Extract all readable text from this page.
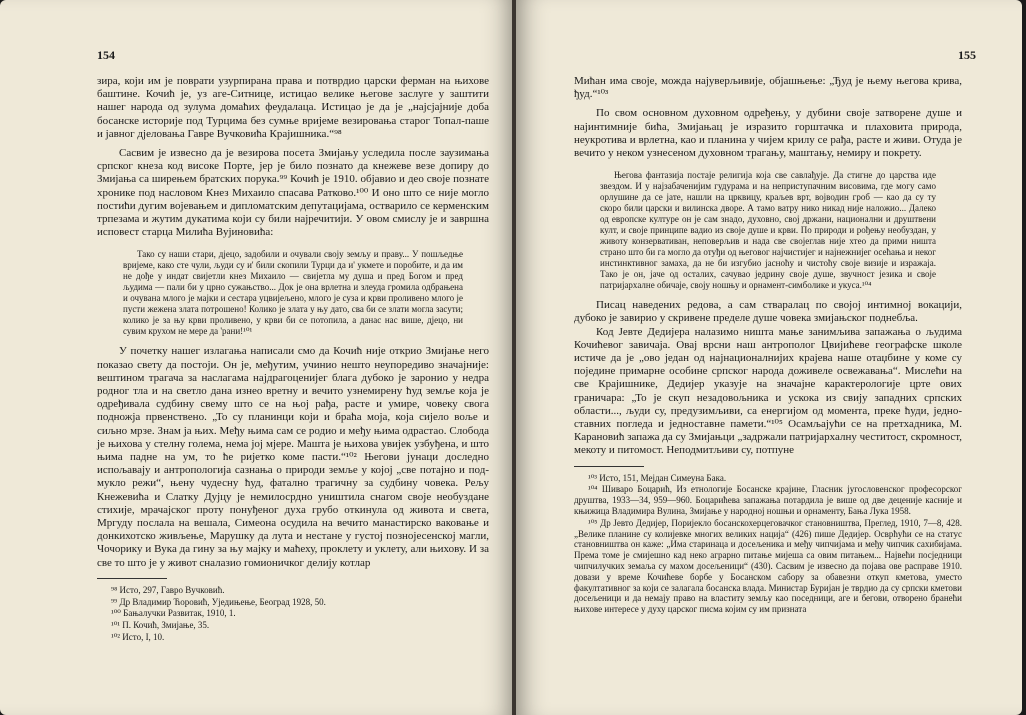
154

зира, који им је поврати узурпирана права и потврдио царски ферман на њихове баштине. Кочић је, уз аге-Ситнице, истицао велике његове заслуге у заштити нашег народа од зулума домаћих феудалаца. Истицао је да је „најсјајније доба босанске историје под Турцима без сумње вријеме везировања старог Топал-паше и јавног дјеловања Гаврe Вучковића Крајишника.“⁹⁸

Сасвим је извесно да је везирова посета Змијању уследила после заузимања српског кнеза код високе Порте, јер је било познато да кнежеве везе допиру до Змијања са ширењем братских порука.⁹⁹ Кочић је 1910. објавио и део своје познате хронике под насловом Кнез Михаило спасава Ратково.¹⁰⁰ И оно што се није могло постићи дугим војевањем и дипломатским депутацијама, остварило се керменским трпезама и жутим дукатима који су били најречитији. У овом смислу је и завршна исповест старца Милића Вујиновића:

Тако су наши стари, дјецо, задобили и очували своју земљу и праву... У пошљедње вријеме, како сте чули, људи су и' били скопили Турци да и' укмете и поробите, и да им не дође у индат свијетли кнез Михаило — свијетла му душа и пред Богом и пред људима — пали би у црно сужањство... Док је она врлетна и злеуда громила одбрањена и очувана млого је мајки и сестара уцвијељено, млого је суза и крви проливено млого је пусти жежена злата потрошено! Колико је злата у њу дато, сва би се злати могла засути; колико је за њу крви проливено, у крви би се потопила, а данас нас више, дјецо, ни сувим крухом не мере да 'рани!¹⁰¹

У почетку нашег излагања написали смо да Кочић није открио Змијање него показао свету да постоји. Он је, међутим, учинио нешто неупоредиво значајније: вештином трагача за наслагама најдрагоценијег блага дубоко је заронио у недра родног тла и на светло дана изнео вретну и вечито узнемирену ћуд земље која је одређивала судбину свему што се на њој рађа, расте и умире, човеку свога подножја првенствено. „То су планинци који и браћа моја, која сијело вољe и сиљно мрзе. Знам ја њих. Међу њима сам се родио и међу њима одрастао. Слобода је њихова у стелну голема, нема јој мјере. Машта је њихова увијек узбуђена, и што њима падне на ум, то ће ријетко коме пасти.“¹⁰² Његови јунаци доследно испољавају и антропологија сазнања о природи земље у којој „све потајно и подмукло режи“, њену чудесну ћуд, фатално трагичну за судбину човека. Рељу Кнежевића и Слатку Дујцу је немилосрдно уништила снагом своје необуздане стихије, мрачајског проту понуђеног духа грубо откинула од живота и света, Мргуду послала на вешала, Симеона осудила на вечито манастирско ваковање и донкихотско живљење, Марушку да лута и нестане у густој позноjесенској магли, Чочорику и Вука да гину за њу мајку и маћеху, проклету и уклету, али њихову. И за све то што је у живот сналазио гомионичког делију котлар

⁹⁸ Исто, 297, Гавро Вучковић.

⁹⁹ Др Владимир Ћоровић, Уједињење, Београд 1928, 50.

¹⁰⁰ Бањалучки Развитак, 1910, 1.

¹⁰¹ П. Кочић, Змијање, 35.

¹⁰² Исто, I, 10.

155

Мићан има своје, можда најуверљивије, објашњење: „Ђуд је њему његова крива, ђуд.“¹⁰³

По свом основном духовном одређењу, у дубини своје затворене душе и најинтимније бића, Змијањац је изразито горштачка и плаховита природа, неукротива и врлетна, као и планина у чијем крилу се рађа, расте и живи. Отуда је вечито у неком узнесеном духовном трагању, маштању, немиру и покрету.

Његова фантазија постаје религија која све савлађује. Да стигне до царства иде звездом. И у најзабаченијим гудурама и на неприступачним висовима, где могу само орлушине да се јате, нашли на црквицу, краљев врт, војводин гроб — као да су ту скоро били царски и вилинска дворе. А тамо ватру нико никад није наложио... Далеко од европске културе он је сам знадо, духовно, свој држани, национални и друштвени култ, и своје принципе вадио из своје душе и крви. По природи и рођењу необуздан, у животу конзервативан, неповерљив и нада све својеглав није хтео да прими ништа страно што би га могло да отуђи од његовог најчистијег и најнежнијег осећања и неког инстинктивног замаха, да не би изгубио јасноћу и чистоћу своје визије и изражаја. Тако је он, јаче од осталих, сачувао једрину своје душе, звучност језика и своје патријархалне обичаје, своју ношњу и орнамент-симболике и укуса.¹⁰⁴

Писац наведених редова, а сам стваралац по својој интимној вокацији, дубоко је завирио у скривене пределе душе човека змијањског поднебља.

Код Јевте Дедијера налазимо ништа мање занимљива запажања о људима Кочићевог завичаја. Овај врсни наш антрополог Цвијићеве географске школе истиче да је „ово један од најнационалнијих крајева наше отаџбине у коме су поједине примарне особине српског народа доживеле освежавања“. Мислећи на све Крајишнике, Дедијер указује на значајне карактерологије црте ових граничара: „То је скуп незадовољника и ускока из свију западних српских области..., људи су, предузимљиви, са енергијом од момента, преке ћуди, једноставних погледа и једноставне памети.“¹⁰⁵ Осамљајући се на претхадника, М. Карановић запажа да су Змијањци „задржали патријархалну честитост, скромност, мекоту и питомост. Неподмитљиви су, потпуне

¹⁰³ Исто, 151, Мејдан Симеуна Бака.

¹⁰⁴ Шиваро Боцарић, Из етнологије Босанске крајине, Гласник југословенског професорског друштва, 1933—34, 959—960. Боцарићева запажања потардила је више од две деценије касније и књижица Владимира Вулина, Змијање у народној ношњи и орнаменту, Бања Лука 1958.

¹⁰⁵ Др Јевто Дедијер, Поријекло босанскохерцеговачког становништва, Преглед, 1910, 7—8, 428. „Велике планине су колијевке многих великих нација“ (426) пише Дедијер. Осврћући се на статус становништва он каже: „Има старинаца и досељеника и међу чипчијама и међу чипчик сахибијама. Према томе је смијешно кад неко аграрно питање мијеша са овим питањем... Највећи посједници чипчилучких земаља су махом досељеници“ (430). Сасвим је извесно да појава ове расправе 1910. довази у време Кочићеве борбе у Босанском сабору за обавезни откуп кметова, уместо факултативног за који се залагала босанска влада. Министар Буријан је тврдио да су српски кметови досељеници и да немају право на властиту земљу као поседници, аге и бегови, отворено бранећи њихове интересе у духу царског писма којим су им призната
